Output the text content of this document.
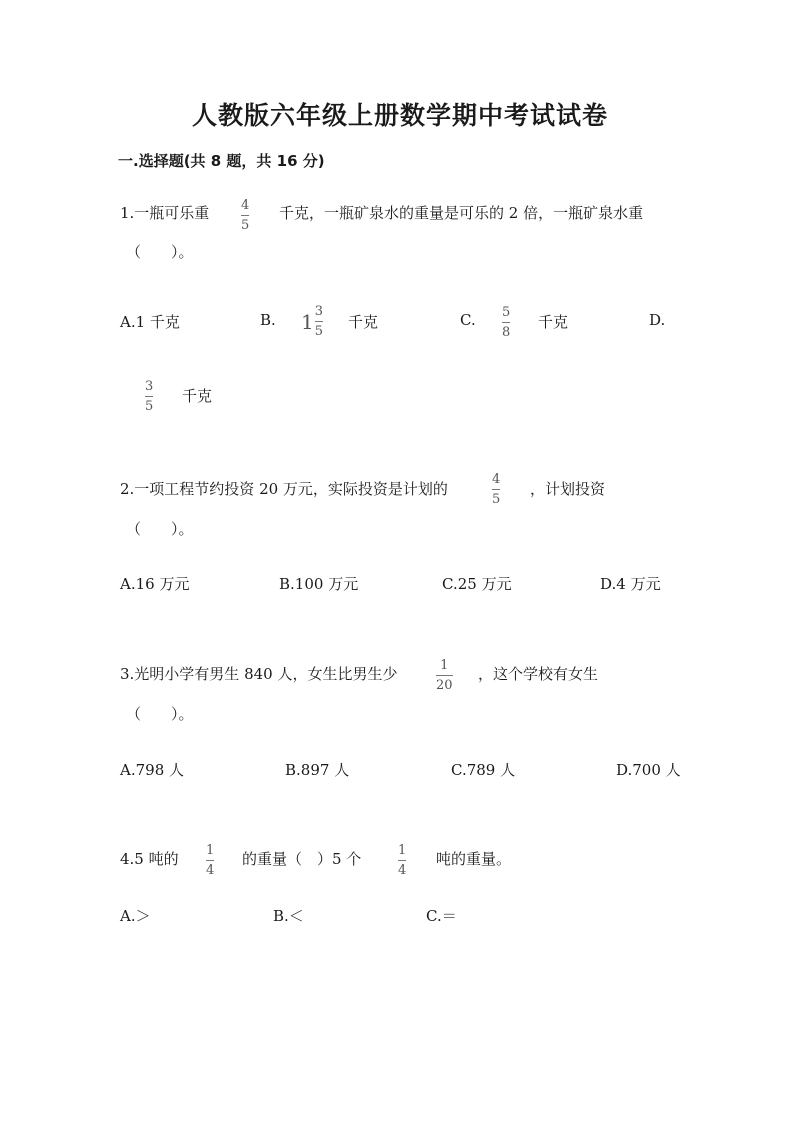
人教版六年级上册数学期中考试试卷
一.选择题(共 8 题，共 16 分)
1.一瓶可乐重 4
5
千克，一瓶矿泉水的重量是可乐的 2 倍，一瓶矿泉水重
（　　）。
A.1 千克	B. $1 \frac{3}{5}$ 千克	C. 5
8
千克	D.
3
5
千克
2.一项工程节约投资 20 万元，实际投资是计划的
4
5
，计划投资
（　　）。
A.16 万元	B.100 万元	C.25 万元	D.4 万元
3.光明小学有男生 840 人，女生比男生少	1
20
，这个学校有女生
（　　）。
A.798 人	B.897 人	C.789 人	D.700 人
4.5 吨的 1
4
的重量（　）5 个	1
4
吨的重量。
A.＞	B.＜	C.＝
